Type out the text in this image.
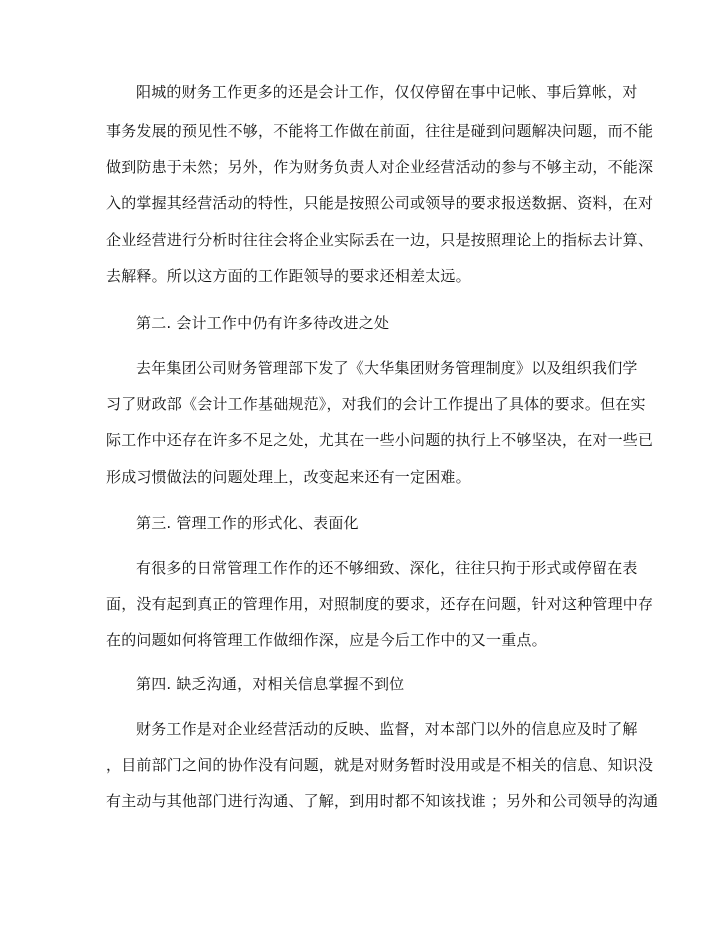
阳城的财务工作更多的还是会计工作，仅仅停留在事中记帐、事后算帐，对
事务发展的预见性不够，不能将工作做在前面，往往是碰到问题解决问题，而不能
做到防患于未然；另外，作为财务负责人对企业经营活动的参与不够主动，不能深
入的掌握其经营活动的特性，只能是按照公司或领导的要求报送数据、资料，在对
企业经营进行分析时往往会将企业实际丢在一边，只是按照理论上的指标去计算、
去解释。所以这方面的工作距领导的要求还相差太远。
第二. 会计工作中仍有许多待改进之处
去年集团公司财务管理部下发了《大华集团财务管理制度》以及组织我们学
习了财政部《会计工作基础规范》，对我们的会计工作提出了具体的要求。但在实
际工作中还存在许多不足之处，尤其在一些小问题的执行上不够坚决，在对一些已
形成习惯做法的问题处理上，改变起来还有一定困难。
第三. 管理工作的形式化、表面化
有很多的日常管理工作作的还不够细致、深化，往往只拘于形式或停留在表
面，没有起到真正的管理作用，对照制度的要求，还存在问题，针对这种管理中存
在的问题如何将管理工作做细作深，应是今后工作中的又一重点。
第四. 缺乏沟通，对相关信息掌握不到位
财务工作是对企业经营活动的反映、监督，对本部门以外的信息应及时了解
，目前部门之间的协作没有问题，就是对财务暂时没用或是不相关的信息、知识没
有主动与其他部门进行沟通、了解，到用时都不知该找谁 ；另外和公司领导的沟通
